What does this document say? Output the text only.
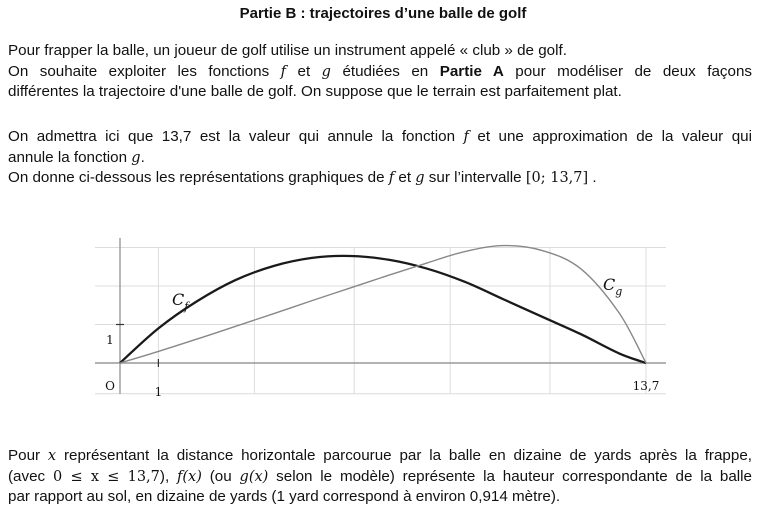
Partie B : trajectoires d’une balle de golf
Pour frapper la balle, un joueur de golf utilise un instrument appelé « club » de golf.
On souhaite exploiter les fonctions f et g étudiées en Partie A pour modéliser de deux façons
différentes la trajectoire d'une balle de golf. On suppose que le terrain est parfaitement plat.
On admettra ici que 13,7 est la valeur qui annule la fonction f et une approximation de la valeur qui
annule la fonction g.
On donne ci-dessous les représentations graphiques de f et g sur l’intervalle [0; 13,7] .
O	1	13,7
1
$C_f$
$C_g$
Pour x représentant la distance horizontale parcourue par la balle en dizaine de yards après la frappe,
(avec 0 ≤ x ≤ 13,7), f(x) (ou g(x) selon le modèle) représente la hauteur correspondante de la balle
par rapport au sol, en dizaine de yards (1 yard correspond à environ 0,914 mètre).
